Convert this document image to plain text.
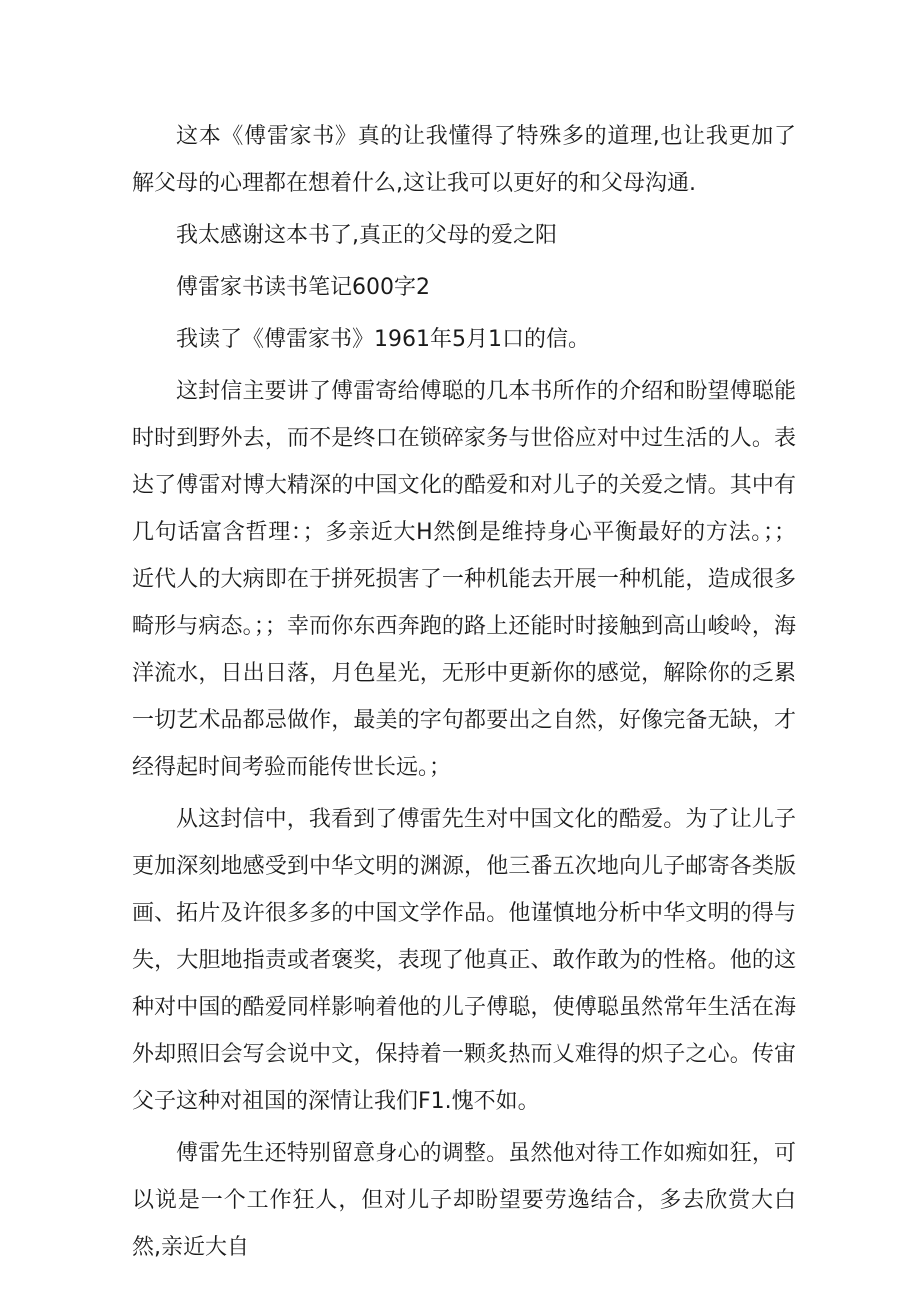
这本《傅雷家书》真的让我懂得了特殊多的道理,也让我更加了解父母的心理都在想着什么,这让我可以更好的和父母沟通.

我太感谢这本书了,真正的父母的爱之阳

傅雷家书读书笔记600字2

我读了《傅雷家书》1961年5月1口的信。

这封信主要讲了傅雷寄给傅聪的几本书所作的介绍和盼望傅聪能时时到野外去，而不是终口在锁碎家务与世俗应对中过生活的人。表达了傅雷对博大精深的中国文化的酷爱和对儿子的关爱之情。其中有几句话富含哲理：；多亲近大H然倒是维持身心平衡最好的方法。；；近代人的大病即在于拼死损害了一种机能去开展一种机能，造成很多畸形与病态。；；幸而你东西奔跑的路上还能时时接触到高山峻岭，海洋流水，日出日落，月色星光，无形中更新你的感觉，解除你的乏累一切艺术品都忌做作，最美的字句都要出之自然，好像完备无缺，才经得起时间考验而能传世长远。；

从这封信中，我看到了傅雷先生对中国文化的酷爱。为了让儿子更加深刻地感受到中华文明的渊源，他三番五次地向儿子邮寄各类版画、拓片及许很多多的中国文学作品。他谨慎地分析中华文明的得与失，大胆地指责或者褒奖，表现了他真正、敢作敢为的性格。他的这种对中国的酷爱同样影响着他的儿子傅聪，使傅聪虽然常年生活在海外却照旧会写会说中文，保持着一颗炙热而乂难得的炽子之心。传宙父子这种对祖国的深情让我们F1.愧不如。

傅雷先生还特别留意身心的调整。虽然他对待工作如痴如狂，可以说是一个工作狂人，但对儿子却盼望要劳逸结合，多去欣赏大白然,亲近大自
